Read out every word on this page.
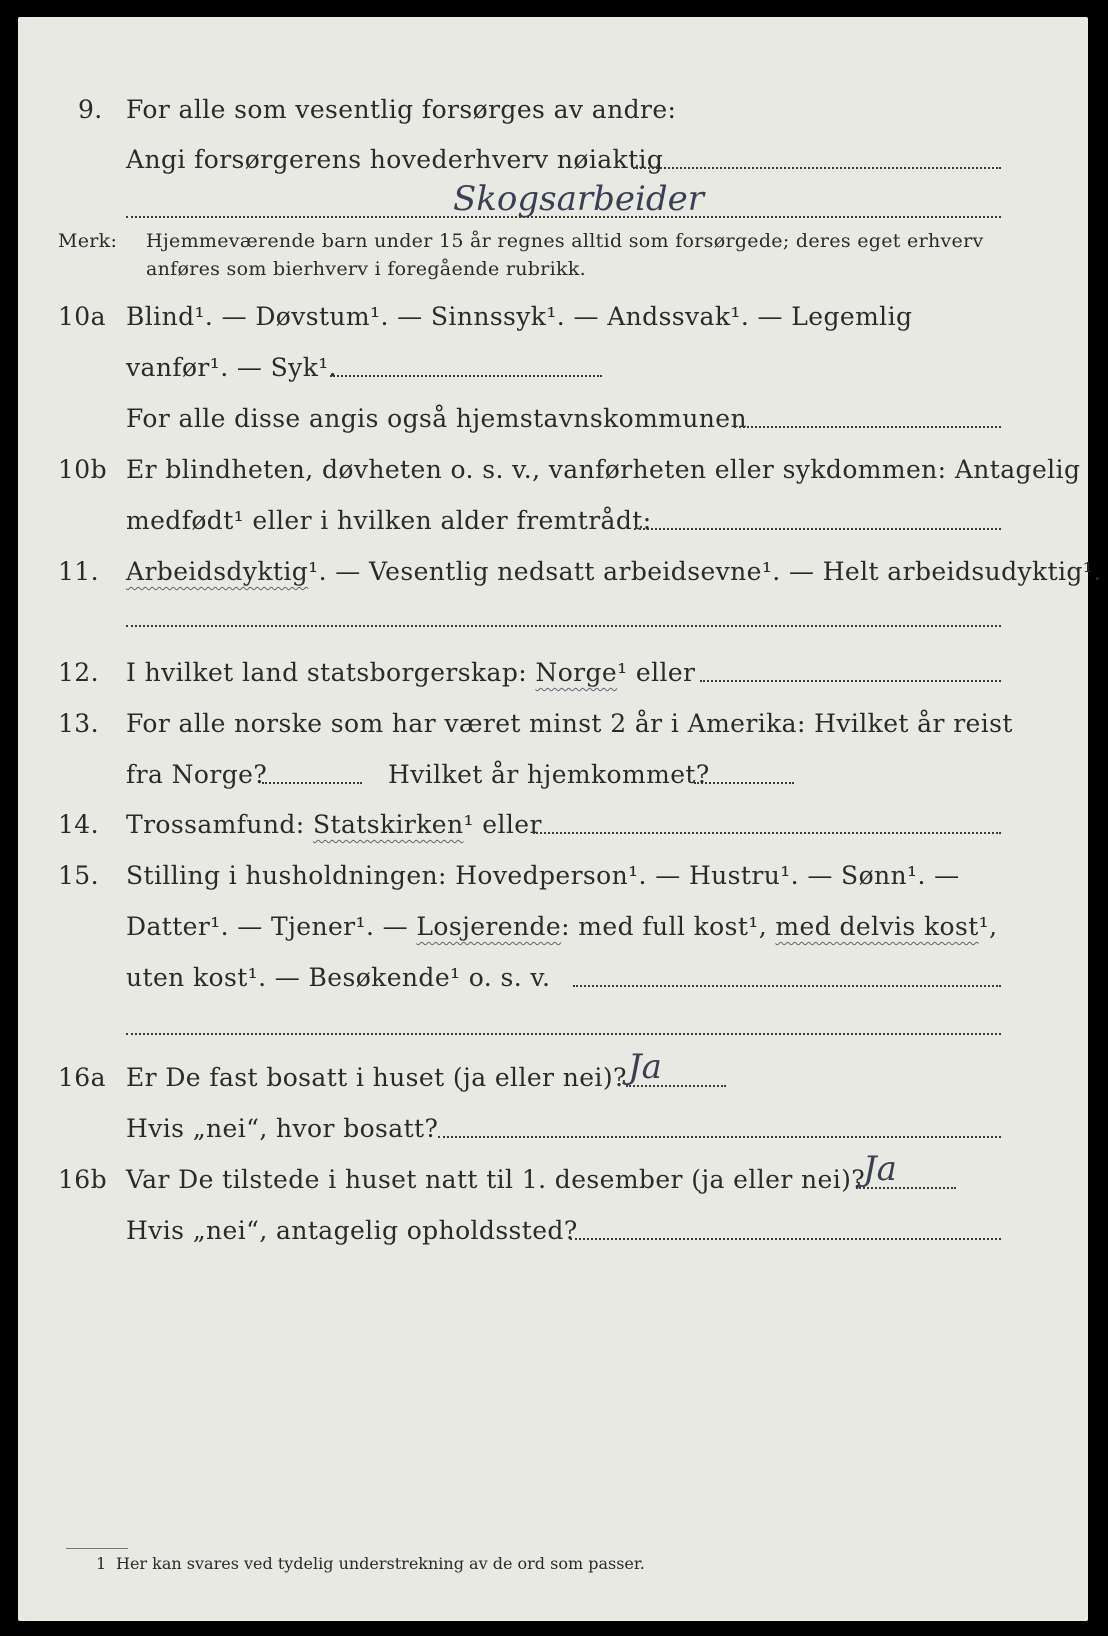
9. For alle som vesentlig forsørges av andre:
Angi forsørgerens hovederhverv nøiaktig
Skogsarbeider
Merk: Hjemmeværende barn under 15 år regnes alltid som forsørgede; deres eget erhverv
anføres som bierhverv i foregående rubrikk.
10a Blind¹. — Døvstum¹. — Sinnssyk¹. — Andssvak¹. — Legemlig
vanfør¹. — Syk¹.
For alle disse angis også hjemstavnskommunen
10b Er blindheten, døvheten o. s. v., vanførheten eller sykdommen: Antagelig
medfødt¹ eller i hvilken alder fremtrådt:
11. Arbeidsdyktig¹. — Vesentlig nedsatt arbeidsevne¹. — Helt arbeidsudyktig¹.
12. I hvilket land statsborgerskap: Norge¹ eller
13. For alle norske som har været minst 2 år i Amerika: Hvilket år reist
fra Norge?	Hvilket år hjemkommet?
14. Trossamfund: Statskirken¹ eller
15. Stilling i husholdningen: Hovedperson¹. — Hustru¹. — Sønn¹. —
Datter¹. — Tjener¹. — Losjerende: med full kost¹, med delvis kost¹,
uten kost¹. — Besøkende¹ o. s. v.
16a Er De fast bosatt i huset (ja eller nei)? Ja
Hvis „nei“, hvor bosatt?
16b Var De tilstede i huset natt til 1. desember (ja eller nei)?
Ja
Hvis „nei“, antagelig opholdssted?
1 Her kan svares ved tydelig understrekning av de ord som passer.
